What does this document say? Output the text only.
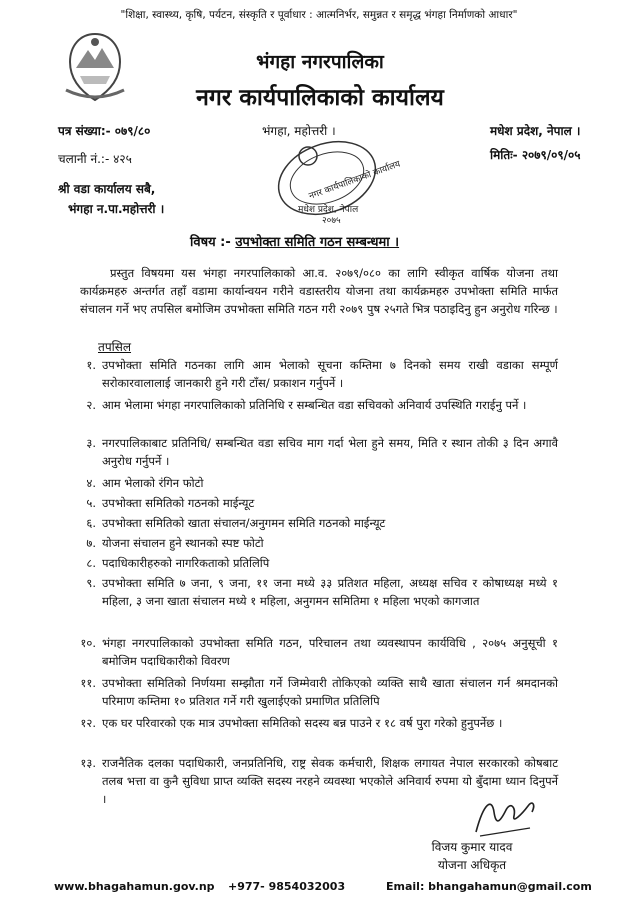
"शिक्षा, स्वास्थ्य, कृषि, पर्यटन, संस्कृति र पूर्वाधार : आत्मनिर्भर, समुन्नत र समृद्ध भंगहा निर्माणको आधार"
भंगहा नगरपालिका
नगर कार्यपालिकाको कार्यालय
पत्र संख्या:- ०७९/८०	भंगहा, महोत्तरी ।	मधेश प्रदेश, नेपाल ।
चलानी नं.:- ४२५	मितिः- २०७९/०९/०५
नगर कार्यपालिकाको कार्यालय
मधेश प्रदेश, नेपाल
२०७५
श्री वडा कार्यालय सबै,
भंगहा न.पा.महोत्तरी ।
विषय :- उपभोक्ता समिति गठन सम्बन्धमा ।
प्रस्तुत विषयमा यस भंगहा नगरपालिकाको आ.व. २०७९/०८० का लागि स्वीकृत वार्षिक योजना तथा कार्यक्रमहरु अन्तर्गत तहाँ वडामा कार्यान्वयन गरीने वडास्तरीय योजना तथा कार्यक्रमहरु उपभोक्ता समिति मार्फत संचालन गर्ने भए तपसिल बमोजिम उपभोक्ता समिति गठन गरी २०७९ पुष २५गते भित्र पठाइदिनु हुन अनुरोध गरिन्छ ।
तपसिल
१. उपभोक्ता समिति गठनका लागि आम भेलाको सूचना कम्तिमा ७ दिनको समय राखी वडाका सम्पूर्ण सरोकारवालालाई जानकारी हुने गरी टाँस/ प्रकाशन गर्नुपर्ने ।
२. आम भेलामा भंगहा नगरपालिकाको प्रतिनिधि र सम्बन्धित वडा सचिवको अनिवार्य उपस्थिति गराईनु पर्ने ।
३. नगरपालिकाबाट प्रतिनिधि/ सम्बन्धित वडा सचिव माग गर्दा भेला हुने समय, मिति र स्थान तोकी ३ दिन अगावै अनुरोध गर्नुपर्ने ।
४. आम भेलाको रंगिन फोटो
५. उपभोक्ता समितिको गठनको माईन्यूट
६. उपभोक्ता समितिको खाता संचालन/अनुगमन समिति गठनको माईन्यूट
७. योजना संचालन हुने स्थानको स्पष्ट फोटो
८. पदाधिकारीहरुको नागरिकताको प्रतिलिपि
९. उपभोक्ता समिति ७ जना, ९ जना, ११ जना मध्ये ३३ प्रतिशत महिला, अध्यक्ष सचिव र कोषाध्यक्ष मध्ये १ महिला, ३ जना खाता संचालन मध्ये १ महिला, अनुगमन समितिमा १ महिला भएको कागजात
१०. भंगहा नगरपालिकाको उपभोक्ता समिति गठन, परिचालन तथा व्यवस्थापन कार्यविधि , २०७५ अनुसूची १ बमोजिम पदाधिकारीको विवरण
११. उपभोक्ता समितिको निर्णयमा सम्झौता गर्ने जिम्मेवारी तोकिएको व्यक्ति साथै खाता संचालन गर्न श्रमदानको परिमाण कम्तिमा १० प्रतिशत गर्ने गरी खुलाईएको प्रमाणित प्रतिलिपि
१२. एक घर परिवारको एक मात्र उपभोक्ता समितिको सदस्य बन्न पाउने र १८ वर्ष पुरा गरेको हुनुपर्नेछ ।
१३. राजनैतिक दलका पदाधिकारी, जनप्रतिनिधि, राष्ट्र सेवक कर्मचारी, शिक्षक लगायत नेपाल सरकारको कोषबाट तलब भत्ता वा कुनै सुविधा प्राप्त व्यक्ति सदस्य नरहने व्यवस्था भएकोले अनिवार्य रुपमा यो बुँदामा ध्यान दिनुपर्ने ।
विजय कुमार यादव
योजना अधिकृत
www.bhagahamun.gov.np +977- 9854032003	Email: bhangahamun@gmail.com
